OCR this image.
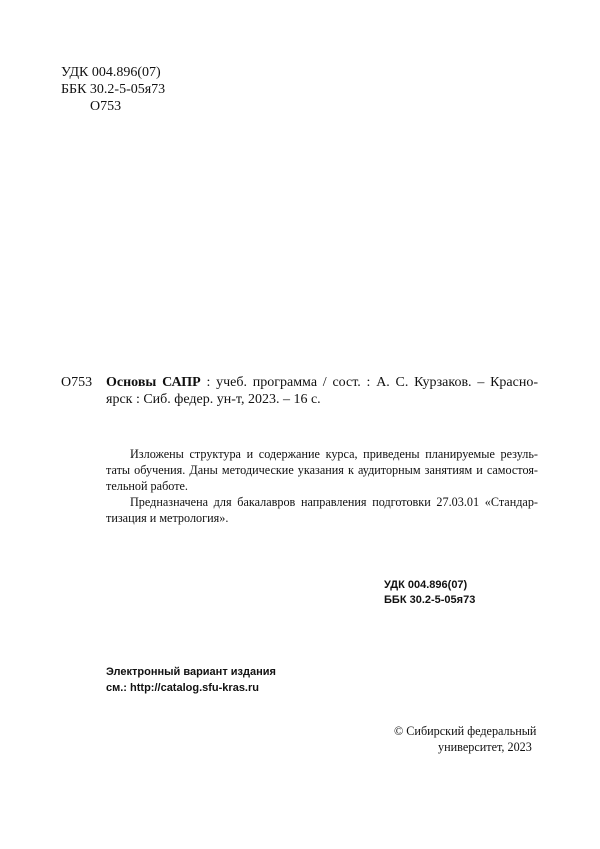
УДК 004.896(07)
ББК 30.2-5-05я73
О753
О753 Основы САПР : учеб. программа / сост. : А. С. Курзаков. – Красно-
ярск : Сиб. федер. ун-т, 2023. – 16 с.
Изложены структура и содержание курса, приведены планируемые резуль-
таты обучения. Даны методические указания к аудиторным занятиям и самостоя-
тельной работе.
Предназначена для бакалавров направления подготовки 27.03.01 «Стандар-
тизация и метрология».
УДК 004.896(07)
ББК 30.2-5-05я73
Электронный вариант издания
см.: http://catalog.sfu-kras.ru
© Сибирский федеральный
университет, 2023
